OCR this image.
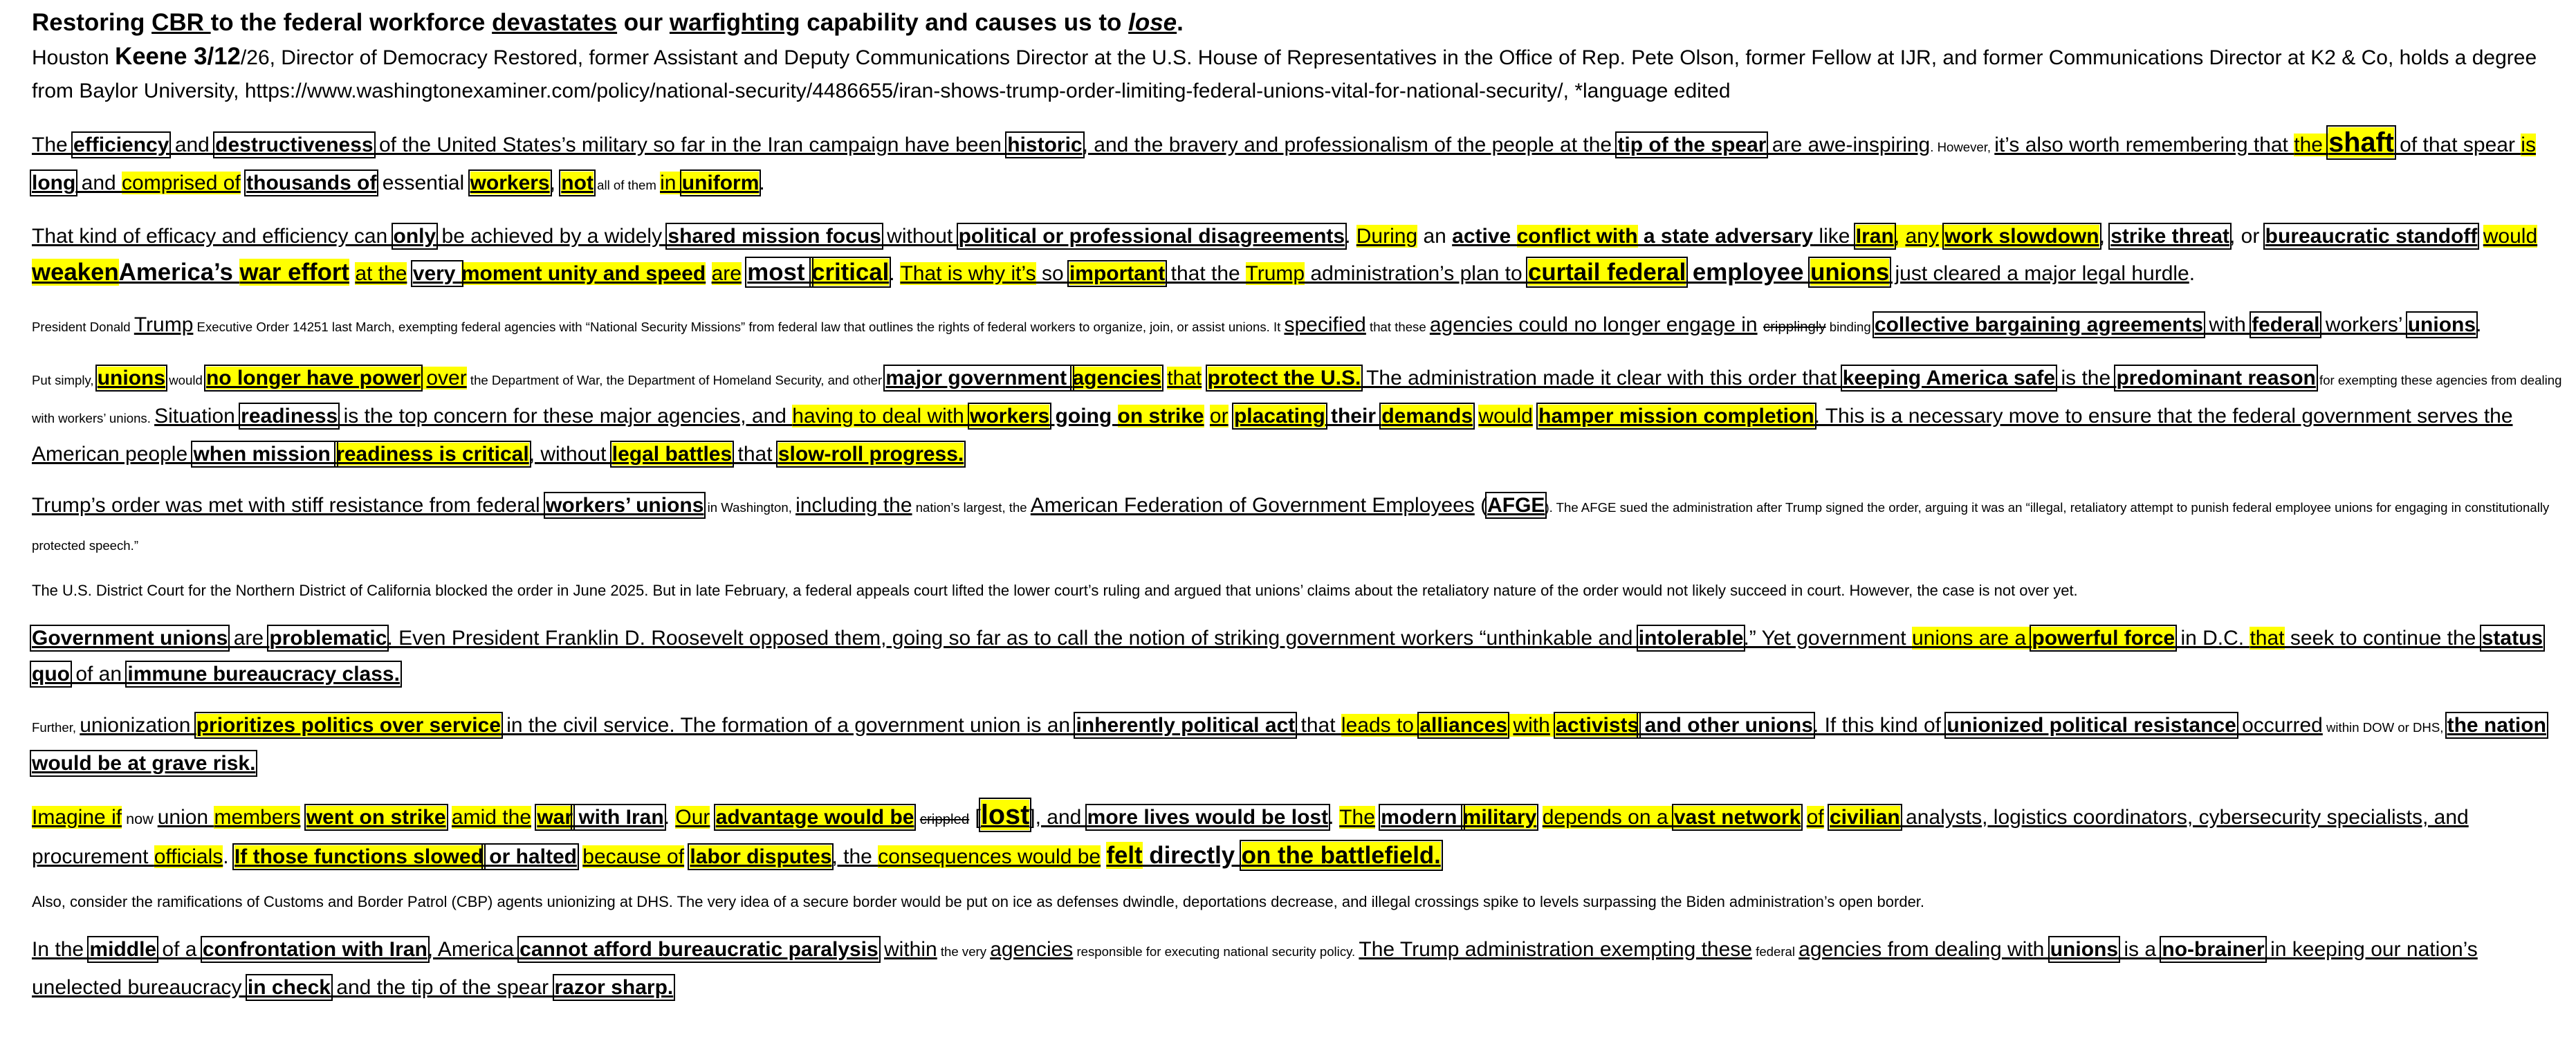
Restoring CBR to the federal workforce devastates our warfighting capability and causes us to lose.

Houston Keene 3/12/26, Director of Democracy Restored, former Assistant and Deputy Communications Director at the U.S. House of Representatives in the Office of Rep. Pete Olson, former Fellow at IJR, and former Communications Director at K2 & Co, holds a degree from Baylor University, https://www.washingtonexaminer.com/policy/national-security/4486655/iran-shows-trump-order-limiting-federal-unions-vital-for-national-security/, *language edited

The efficiency and destructiveness of the United States’s military so far in the Iran campaign have been historic, and the bravery and professionalism of the people at the tip of the spear are awe-inspiring. However, it’s also worth remembering that the shaft of that spear is long and comprised of thousands of essential workers, not all of them in uniform.

That kind of efficacy and efficiency can only be achieved by a widely shared mission focus without political or professional disagreements. During an active conflict with a state adversary like Iran, any work slowdown, strike threat, or bureaucratic standoff would weakenAmerica’s war effort at the very moment unity and speed are most critical. That is why it’s so important that the Trump administration’s plan to curtail federal employee unions just cleared a major legal hurdle.

President Donald Trump Executive Order 14251 last March, exempting federal agencies with “National Security Missions” from federal law that outlines the rights of federal workers to organize, join, or assist unions. It specified that these agencies could no longer engage in cripplingly binding collective bargaining agreements with federal workers’ unions.

Put simply, unions would no longer have power over the Department of War, the Department of Homeland Security, and other major government agencies that protect the U.S. The administration made it clear with this order that keeping America safe is the predominant reason for exempting these agencies from dealing with workers’ unions. Situation readiness is the top concern for these major agencies, and having to deal with workers going on strike or placating their demands would hamper mission completion. This is a necessary move to ensure that the federal government serves the American people when mission readiness is critical, without legal battles that slow-roll progress.

Trump’s order was met with stiff resistance from federal workers’ unions in Washington, including the nation’s largest, the American Federation of Government Employees (AFGE). The AFGE sued the administration after Trump signed the order, arguing it was an “illegal, retaliatory attempt to punish federal employee unions for engaging in constitutionally protected speech.”

The U.S. District Court for the Northern District of California blocked the order in June 2025. But in late February, a federal appeals court lifted the lower court’s ruling and argued that unions’ claims about the retaliatory nature of the order would not likely succeed in court. However, the case is not over yet.

Government unions are problematic. Even President Franklin D. Roosevelt opposed them, going so far as to call the notion of striking government workers “unthinkable and intolerable.” Yet government unions are a powerful force in D.C. that seek to continue the status quo of an immune bureaucracy class.

Further, unionization prioritizes politics over service in the civil service. The formation of a government union is an inherently political act that leads to alliances with activists and other unions. If this kind of unionized political resistance occurred within DOW or DHS, the nation would be at grave risk.

Imagine if now union members went on strike amid the war with Iran. Our advantage would be crippled [lost], and more lives would be lost. The modern military depends on a vast network of civilian analysts, logistics coordinators, cybersecurity specialists, and procurement officials. If those functions slowed or halted because of labor disputes, the consequences would be felt directly on the battlefield.

Also, consider the ramifications of Customs and Border Patrol (CBP) agents unionizing at DHS. The very idea of a secure border would be put on ice as defenses dwindle, deportations decrease, and illegal crossings spike to levels surpassing the Biden administration’s open border.

In the middle of a confrontation with Iran, America cannot afford bureaucratic paralysis within the very agencies responsible for executing national security policy. The Trump administration exempting these federal agencies from dealing with unions is a no-brainer in keeping our nation’s unelected bureaucracy in check and the tip of the spear razor sharp.
